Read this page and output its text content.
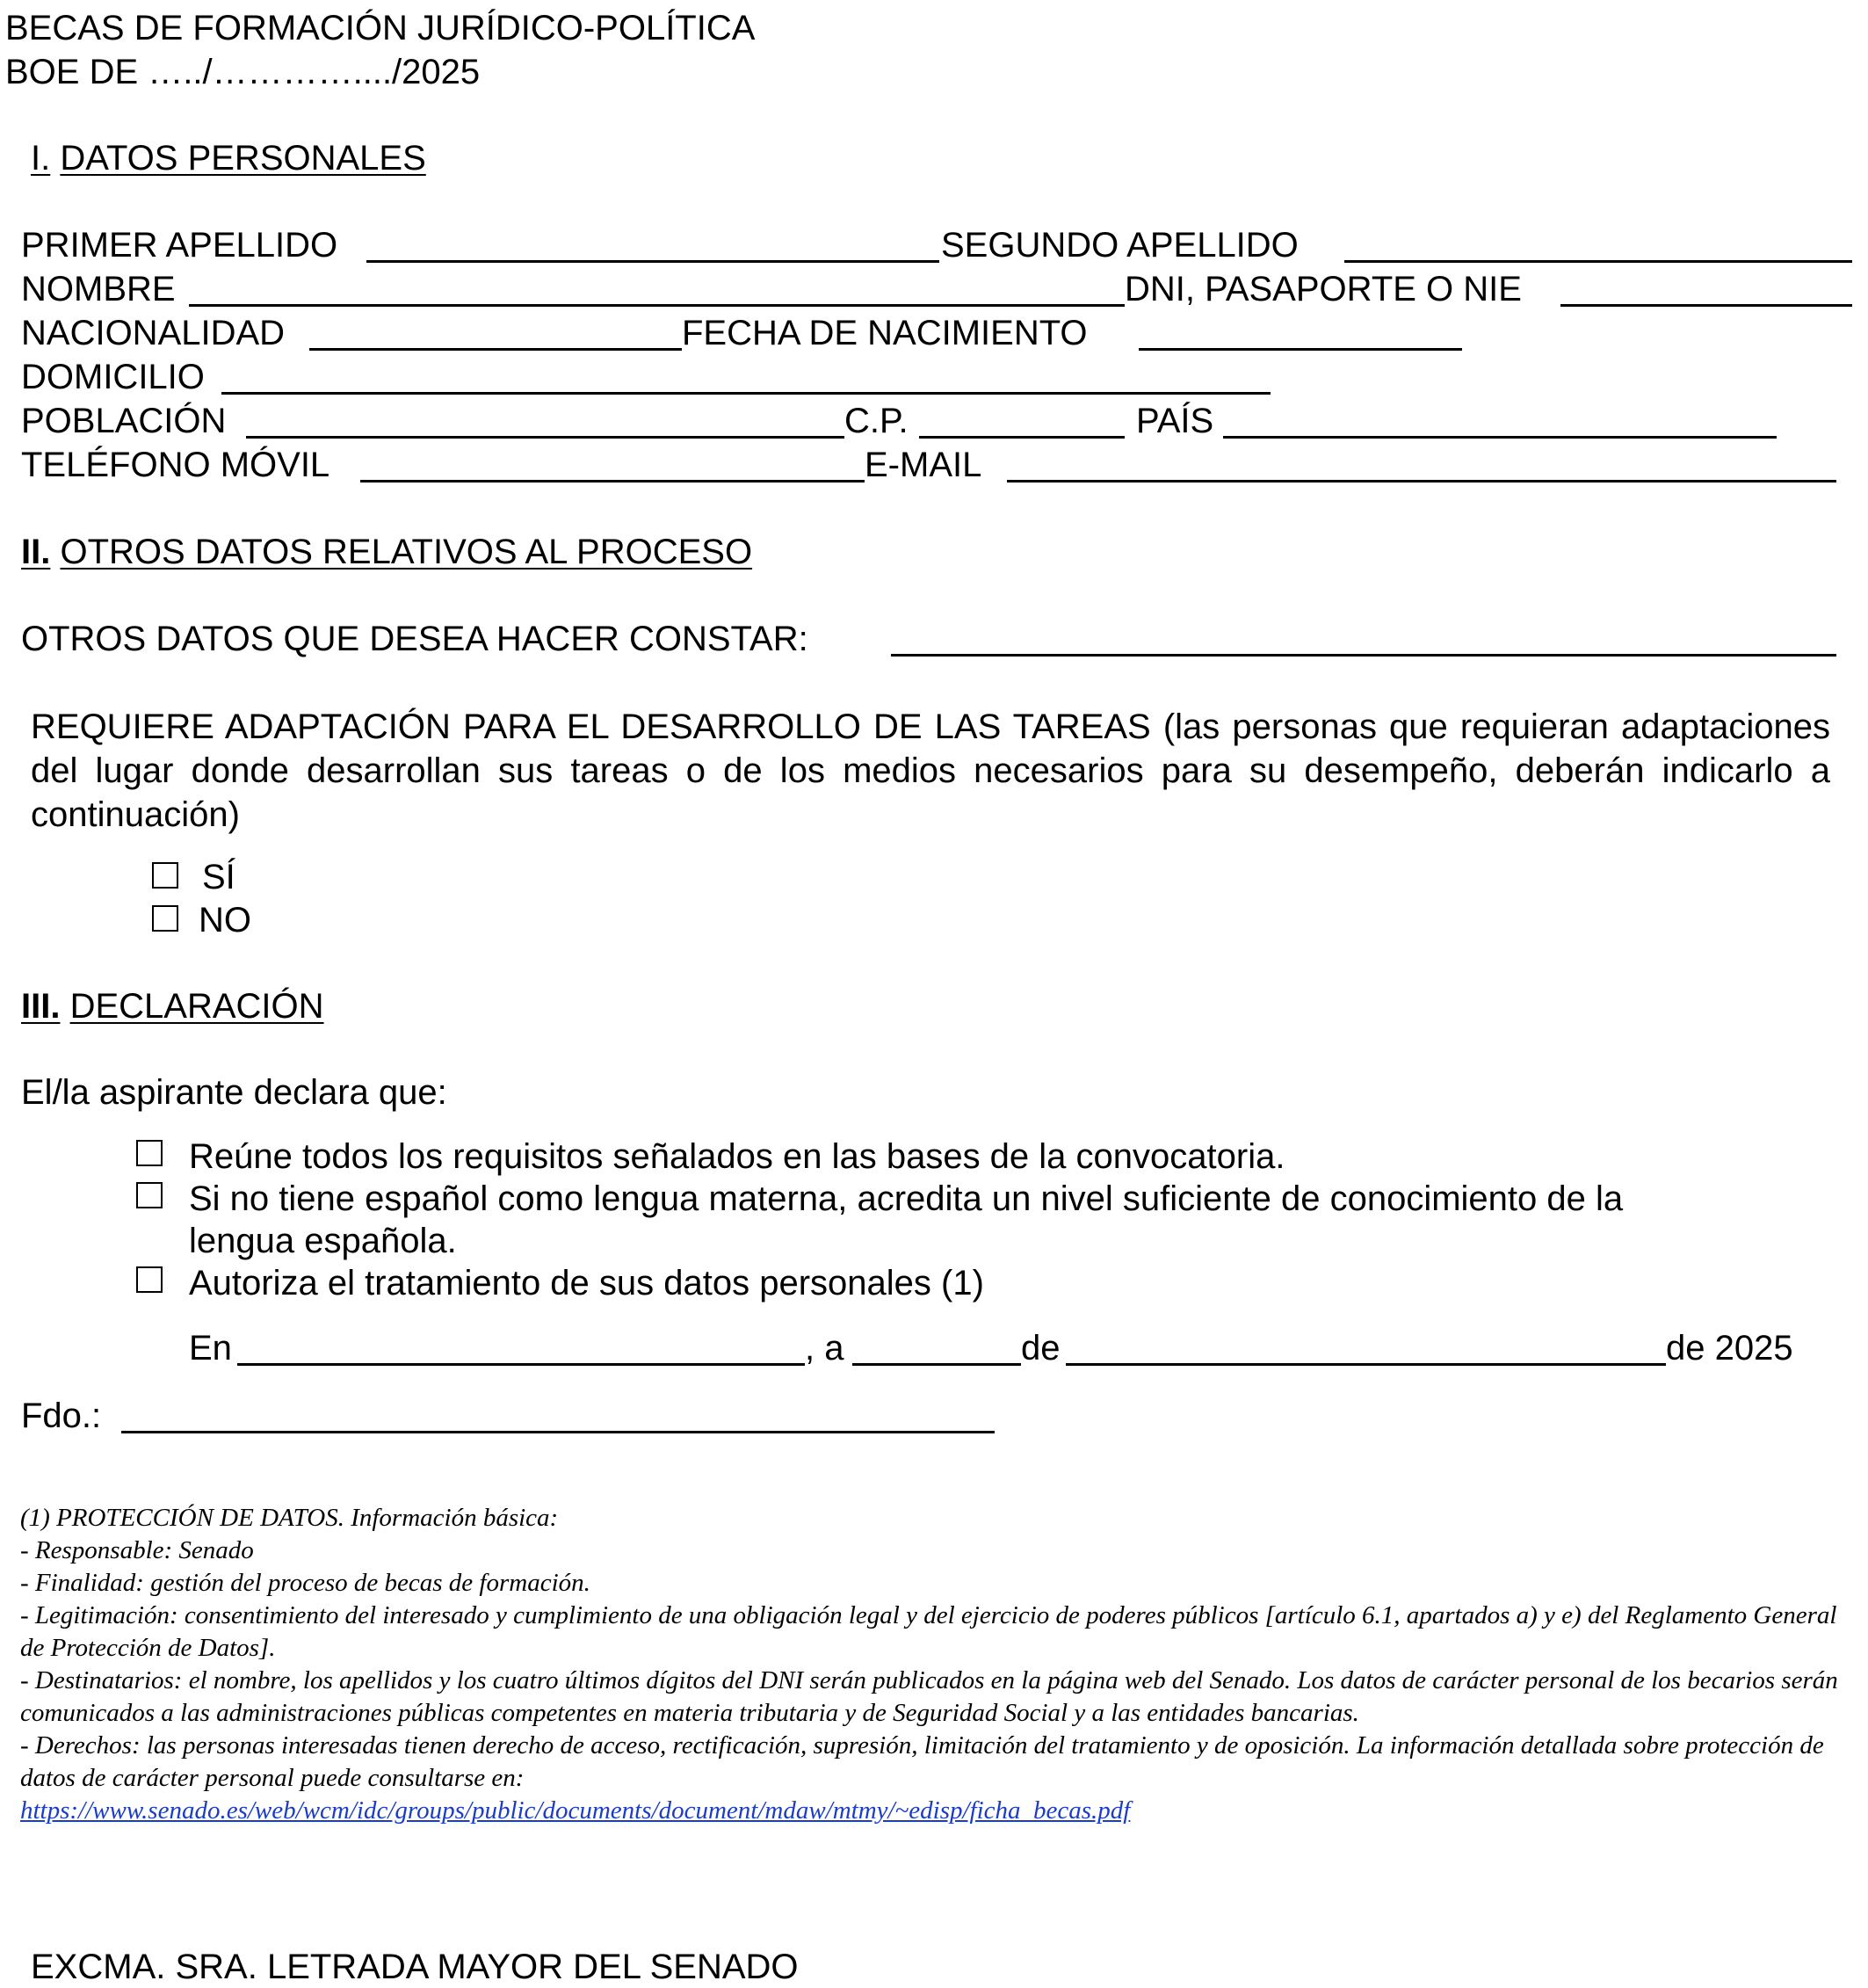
BECAS DE FORMACIÓN JURÍDICO-POLÍTICA
BOE DE …../…………..../2025
I. DATOS PERSONALES
PRIMER APELLIDO	SEGUNDO APELLIDO
NOMBRE	DNI, PASAPORTE O NIE
NACIONALIDAD	FECHA DE NACIMIENTO
DOMICILIO
POBLACIÓN	C.P.	PAÍS
TELÉFONO MÓVIL	E-MAIL
II. OTROS DATOS RELATIVOS AL PROCESO
OTROS DATOS QUE DESEA HACER CONSTAR:
REQUIERE ADAPTACIÓN PARA EL DESARROLLO DE LAS TAREAS (las personas que requieran adaptaciones del lugar donde desarrollan sus tareas o de los medios necesarios para su desempeño, deberán indicarlo a continuación)
SÍ
NO
III. DECLARACIÓN
El/la aspirante declara que:
Reúne todos los requisitos señalados en las bases de la convocatoria.
Si no tiene español como lengua materna, acredita un nivel suficiente de conocimiento de la
lengua española.
Autoriza el tratamiento de sus datos personales (1)
En	, a	de	de 2025
Fdo.:
(1) PROTECCIÓN DE DATOS. Información básica:
- Responsable: Senado
- Finalidad: gestión del proceso de becas de formación.
- Legitimación: consentimiento del interesado y cumplimiento de una obligación legal y del ejercicio de poderes públicos [artículo 6.1, apartados a) y e) del Reglamento General de Protección de Datos].
- Destinatarios: el nombre, los apellidos y los cuatro últimos dígitos del DNI serán publicados en la página web del Senado. Los datos de carácter personal de los becarios serán comunicados a las administraciones públicas competentes en materia tributaria y de Seguridad Social y a las entidades bancarias.
- Derechos: las personas interesadas tienen derecho de acceso, rectificación, supresión, limitación del tratamiento y de oposición. La información detallada sobre protección de datos de carácter personal puede consultarse en:
https://www.senado.es/web/wcm/idc/groups/public/documents/document/mdaw/mtmy/~edisp/ficha_becas.pdf
EXCMA. SRA. LETRADA MAYOR DEL SENADO
